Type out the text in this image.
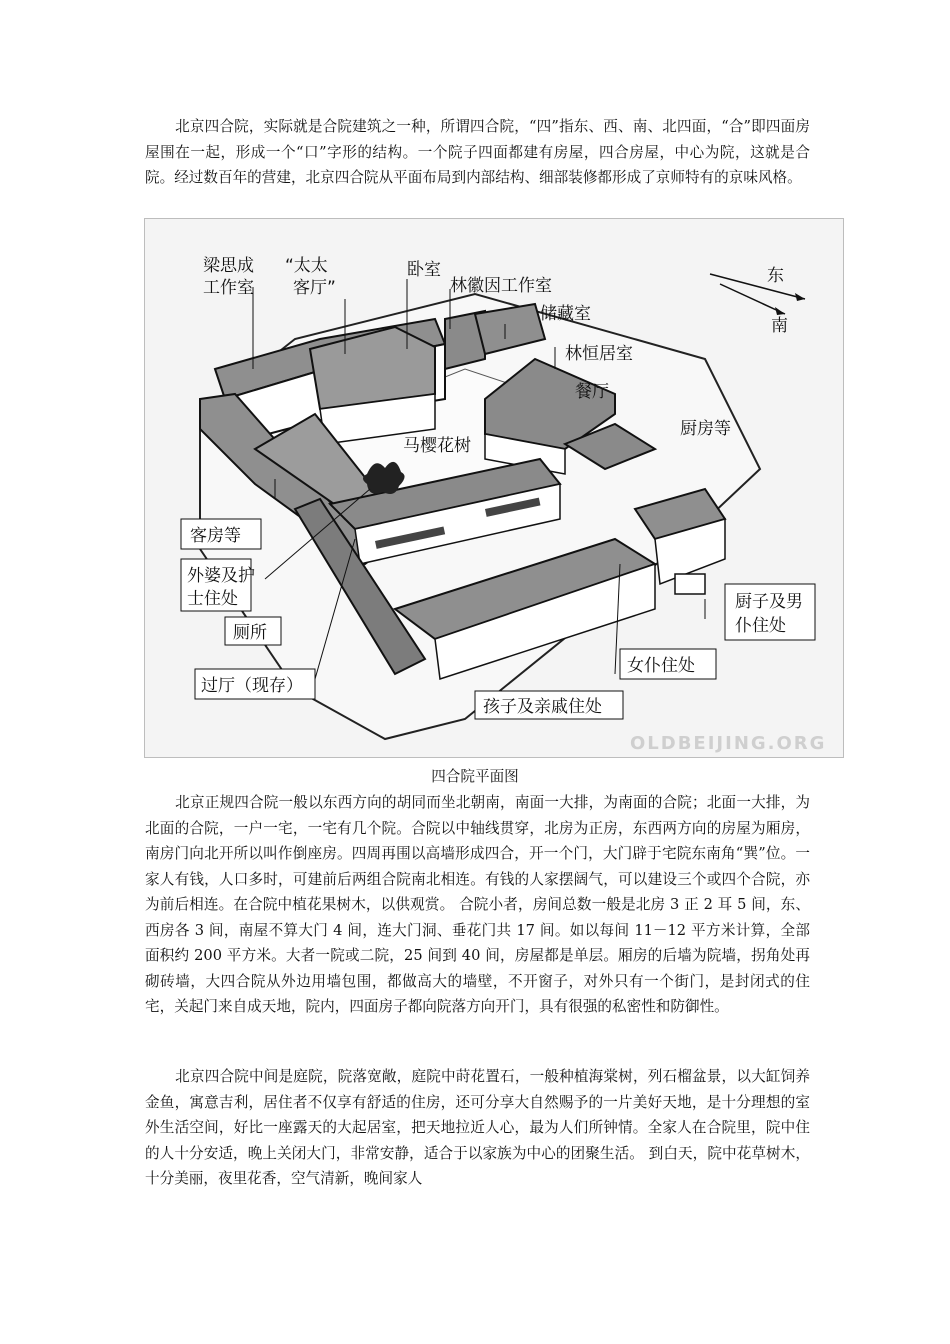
北京四合院，实际就是合院建筑之一种，所谓四合院，“四”指东、西、南、北四面，“合”即四面房屋围在一起，形成一个“口”字形的结构。一个院子四面都建有房屋，四合房屋，中心为院，这就是合院。经过数百年的营建，北京四合院从平面布局到内部结构、细部装修都形成了京师特有的京味风格。

东
南
梁思成
工作室
“太太
客厅”
卧室
林徽因工作室
储藏室
林恒居室
餐厅
厨房等
马樱花树
客房等
外婆及护
士住处
厕所
过厅（现存）
厨子及男
仆住处
女仆住处
孩子及亲戚住处
OLDBEIJING.ORG
四合院平面图

北京正规四合院一般以东西方向的胡同而坐北朝南，南面一大排，为南面的合院；北面一大排，为北面的合院，一户一宅，一宅有几个院。合院以中轴线贯穿，北房为正房，东西两方向的房屋为厢房，南房门向北开所以叫作倒座房。四周再围以高墙形成四合，开一个门，大门辟于宅院东南角“巽”位。一家人有钱，人口多时，可建前后两组合院南北相连。有钱的人家摆阔气，可以建设三个或四个合院，亦为前后相连。在合院中植花果树木，以供观赏。 合院小者，房间总数一般是北房 3 正 2 耳 5 间，东、西房各 3 间，南屋不算大门 4 间，连大门洞、垂花门共 17 间。如以每间 11－12 平方米计算，全部面积约 200 平方米。大者一院或二院，25 间到 40 间，房屋都是单层。厢房的后墙为院墙，拐角处再砌砖墙，大四合院从外边用墙包围，都做高大的墙壁，不开窗子，对外只有一个街门，是封闭式的住宅，关起门来自成天地，院内，四面房子都向院落方向开门，具有很强的私密性和防御性。

北京四合院中间是庭院，院落宽敞，庭院中莳花置石，一般种植海棠树，列石榴盆景，以大缸饲养金鱼，寓意吉利，居住者不仅享有舒适的住房，还可分享大自然赐予的一片美好天地，是十分理想的室外生活空间，好比一座露天的大起居室，把天地拉近人心，最为人们所钟情。全家人在合院里，院中住的人十分安适，晚上关闭大门，非常安静，适合于以家族为中心的团聚生活。 到白天，院中花草树木，十分美丽，夜里花香，空气清新，晚间家人
